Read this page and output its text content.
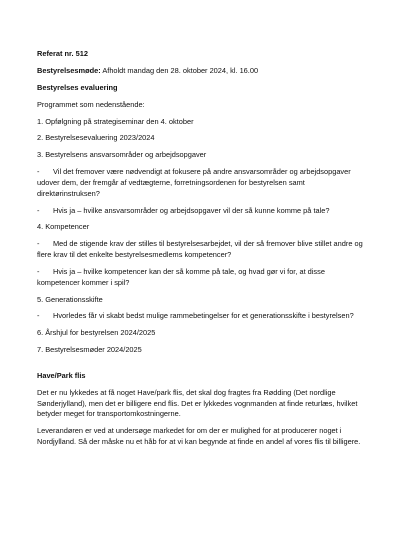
Referat nr. 512

Bestyrelsesmøde: Afholdt mandag den 28. oktober 2024, kl. 16.00

Bestyrelses evaluering

Programmet som nedenstående:

1. Opfølgning på strategiseminar den 4. oktober

2. Bestyrelsesevaluering 2023/2024

3. Bestyrelsens ansvarsområder og arbejdsopgaver

- Vil det fremover være nødvendigt at fokusere på andre ansvarsområder og arbejdsopgaver udover dem, der fremgår af vedtægterne, forretningsordenen for bestyrelsen samt direktørinstruksen?

- Hvis ja – hvilke ansvarsområder og arbejdsopgaver vil der så kunne komme på tale?

4. Kompetencer

- Med de stigende krav der stilles til bestyrelsesarbejdet, vil der så fremover blive stillet andre og flere krav til det enkelte bestyrelsesmedlems kompetencer?

- Hvis ja – hvilke kompetencer kan der så komme på tale, og hvad gør vi for, at disse kompetencer kommer i spil?

5. Generationsskifte

- Hvorledes får vi skabt bedst mulige rammebetingelser for et generationsskifte i bestyrelsen?

6. Årshjul for bestyrelsen 2024/2025

7. Bestyrelsesmøder 2024/2025

Have/Park flis

Det er nu lykkedes at få noget Have/park flis, det skal dog fragtes fra Rødding (Det nordlige Sønderjylland), men det er billigere end flis. Det er lykkedes vognmanden at finde returlæs, hvilket betyder meget for transportomkostningerne.

Leverandøren er ved at undersøge markedet for om der er mulighed for at producerer noget i Nordjylland. Så der måske nu et håb for at vi kan begynde at finde en andel af vores flis til billigere.
